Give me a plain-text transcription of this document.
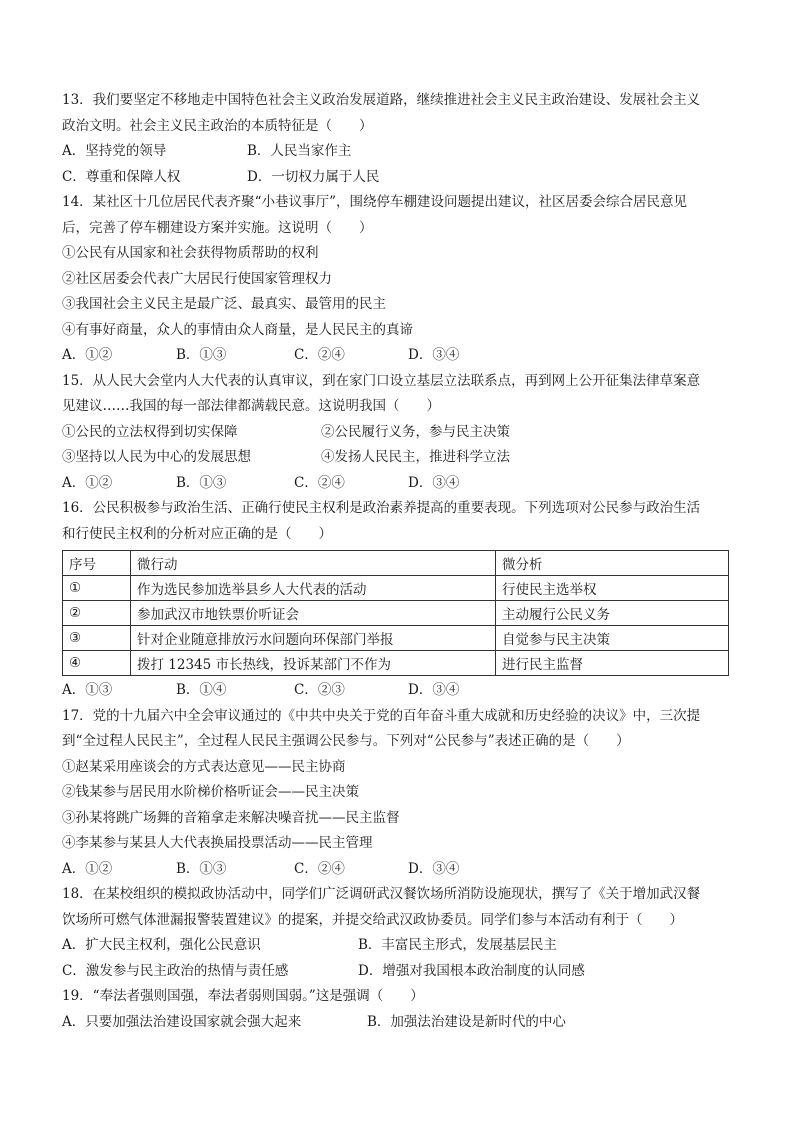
13．我们要坚定不移地走中国特色社会主义政治发展道路，继续推进社会主义民主政治建设、发展社会主义
政治文明。社会主义民主政治的本质特征是（　　）
A．坚持党的领导	B．人民当家作主
C．尊重和保障人权	D．一切权力属于人民
14．某社区十几位居民代表齐聚“小巷议事厅”，围绕停车棚建设问题提出建议，社区居委会综合居民意见
后，完善了停车棚建设方案并实施。这说明（　　）
①公民有从国家和社会获得物质帮助的权利
②社区居委会代表广大居民行使国家管理权力
③我国社会主义民主是最广泛、最真实、最管用的民主
④有事好商量，众人的事情由众人商量，是人民民主的真谛
A．①②	B．①③	C．②④	D．③④
15．从人民大会堂内人大代表的认真审议，到在家门口设立基层立法联系点，再到网上公开征集法律草案意
见建议……我国的每一部法律都满载民意。这说明我国（　　）
①公民的立法权得到切实保障	②公民履行义务，参与民主决策
③坚持以人民为中心的发展思想	④发扬人民民主，推进科学立法
A．①②	B．①③	C．②④	D．③④
16．公民积极参与政治生活、正确行使民主权利是政治素养提高的重要表现。下列选项对公民参与政治生活
和行使民主权利的分析对应正确的是（　　）
序号	微行动	微分析
①	作为选民参加选举县乡人大代表的活动	行使民主选举权
②	参加武汉市地铁票价听证会	主动履行公民义务
③	针对企业随意排放污水问题向环保部门举报	自觉参与民主决策
④	拨打 12345 市长热线，投诉某部门不作为	进行民主监督
A．①③	B．①④	C．②③	D．③④
17．党的十九届六中全会审议通过的《中共中央关于党的百年奋斗重大成就和历史经验的决议》中，三次提
到“全过程人民民主”，全过程人民民主强调公民参与。下列对“公民参与”表述正确的是（　　）
①赵某采用座谈会的方式表达意见——民主协商
②钱某参与居民用水阶梯价格听证会——民主决策
③孙某将跳广场舞的音箱拿走来解决噪音扰——民主监督
④李某参与某县人大代表换届投票活动——民主管理
A．①②	B．①③	C．②④	D．③④
18．在某校组织的模拟政协活动中，同学们广泛调研武汉餐饮场所消防设施现状，撰写了《关于增加武汉餐
饮场所可燃气体泄漏报警装置建议》的提案，并提交给武汉政协委员。同学们参与本活动有利于（　　）
A．扩大民主权利，强化公民意识	B．丰富民主形式，发展基层民主
C．激发参与民主政治的热情与责任感	D．增强对我国根本政治制度的认同感
19．“奉法者强则国强，奉法者弱则国弱。”这是强调（　　）
A．只要加强法治建设国家就会强大起来	B．加强法治建设是新时代的中心
